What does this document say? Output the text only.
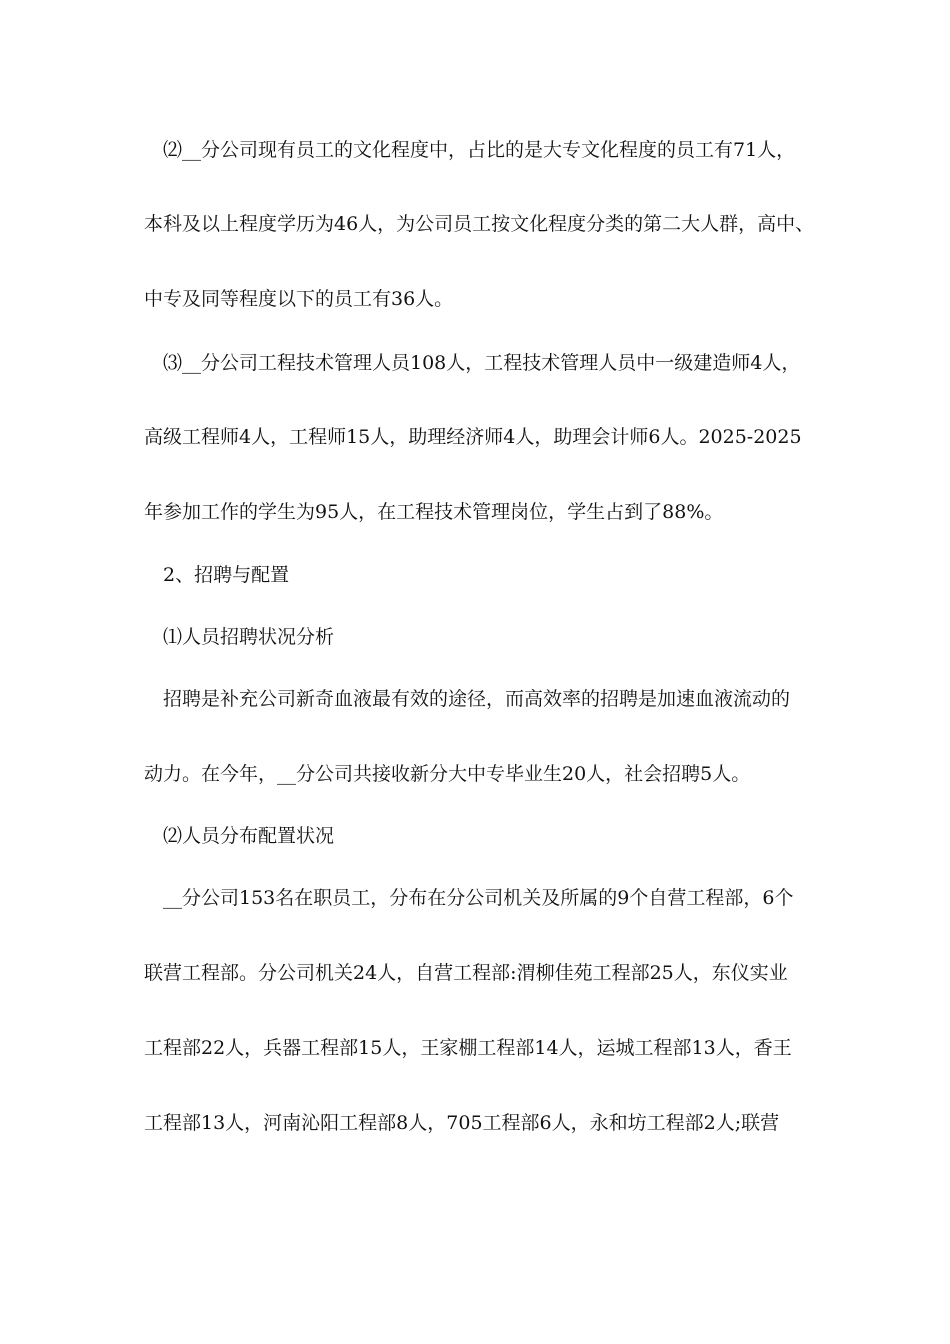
⑵__分公司现有员工的文化程度中，占比的是大专文化程度的员工有71人，
本科及以上程度学历为46人，为公司员工按文化程度分类的第二大人群，高中、
中专及同等程度以下的员工有36人。
⑶__分公司工程技术管理人员108人，工程技术管理人员中一级建造师4人，
高级工程师4人，工程师15人，助理经济师4人，助理会计师6人。2025-2025
年参加工作的学生为95人，在工程技术管理岗位，学生占到了88%。
2、招聘与配置
⑴人员招聘状况分析
招聘是补充公司新奇血液最有效的途径，而高效率的招聘是加速血液流动的
动力。在今年，__分公司共接收新分大中专毕业生20人，社会招聘5人。
⑵人员分布配置状况
__分公司153名在职员工，分布在分公司机关及所属的9个自营工程部，6个
联营工程部。分公司机关24人，自营工程部:渭柳佳苑工程部25人，东仪实业
工程部22人，兵器工程部15人，王家棚工程部14人，运城工程部13人，香王
工程部13人，河南沁阳工程部8人，705工程部6人，永和坊工程部2人;联营
